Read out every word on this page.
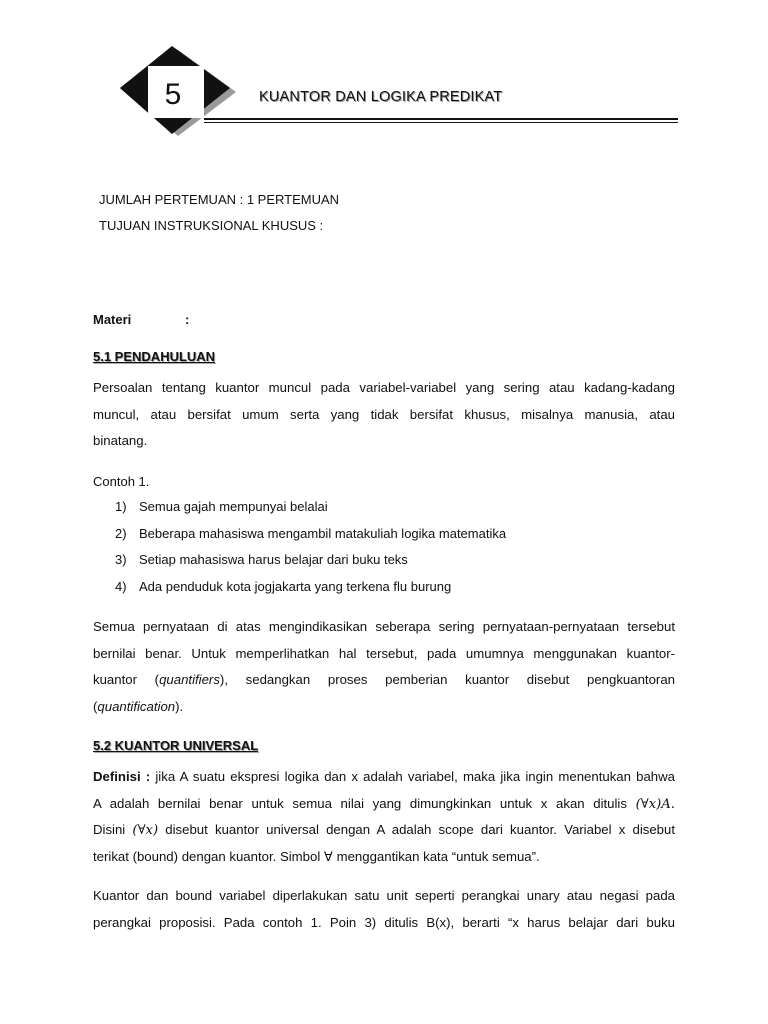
5	KUANTOR DAN LOGIKA PREDIKAT
JUMLAH PERTEMUAN : 1 PERTEMUAN
TUJUAN INSTRUKSIONAL KHUSUS :
Materi	:
5.1 PENDAHULUAN
Persoalan tentang kuantor muncul pada variabel-variabel yang sering atau kadang-kadang
muncul, atau bersifat umum serta yang tidak bersifat khusus, misalnya manusia, atau
binatang.
Contoh 1.
1) Semua gajah mempunyai belalai
2) Beberapa mahasiswa mengambil matakuliah logika matematika
3) Setiap mahasiswa harus belajar dari buku teks
4) Ada penduduk kota jogjakarta yang terkena flu burung
Semua pernyataan di atas mengindikasikan seberapa sering pernyataan-pernyataan tersebut
bernilai benar. Untuk memperlihatkan hal tersebut, pada umumnya menggunakan kuantor-
kuantor (quantifiers), sedangkan proses pemberian kuantor disebut pengkuantoran
(quantification).
5.2 KUANTOR UNIVERSAL
Definisi : jika A suatu ekspresi logika dan x adalah variabel, maka jika ingin menentukan bahwa
A adalah bernilai benar untuk semua nilai yang dimungkinkan untuk x akan ditulis (∀x)A.
Disini (∀x) disebut kuantor universal dengan A adalah scope dari kuantor. Variabel x disebut
terikat (bound) dengan kuantor. Simbol ∀ menggantikan kata “untuk semua”.
Kuantor dan bound variabel diperlakukan satu unit seperti perangkai unary atau negasi pada
perangkai proposisi. Pada contoh 1. Poin 3) ditulis B(x), berarti “x harus belajar dari buku
